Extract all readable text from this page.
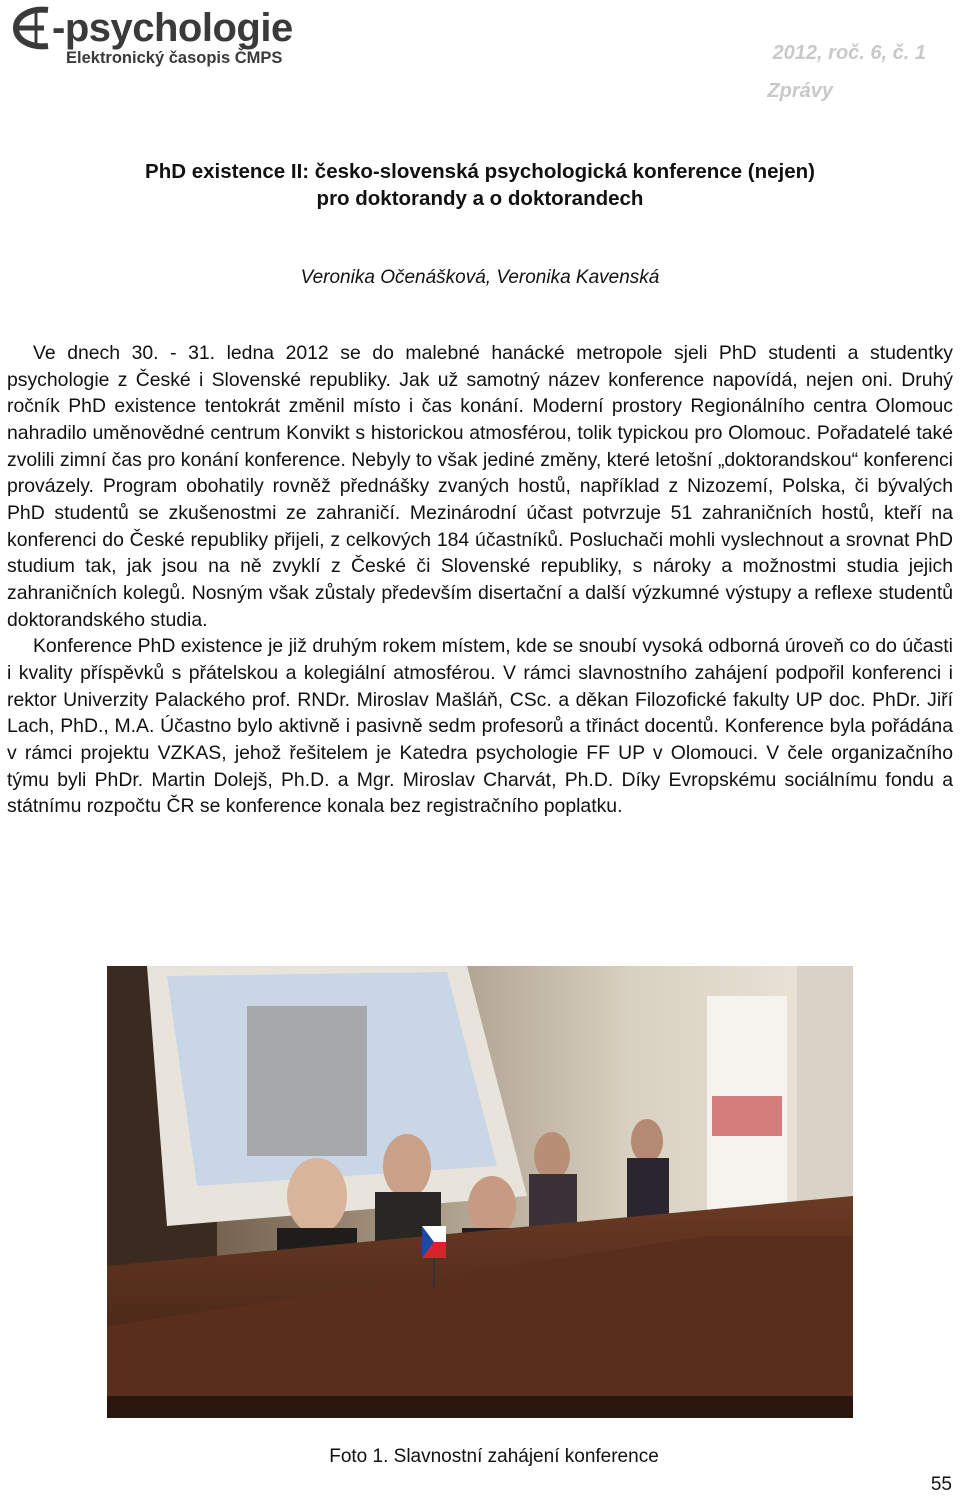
-psychologie
Elektronický časopis ČMPS	2012, roč. 6, č. 1
Zprávy
PhD existence II: česko-slovenská psychologická konference (nejen)
pro doktorandy a o doktorandech
Veronika Očenášková, Veronika Kavenská

Ve dnech 30. - 31. ledna 2012 se do malebné hanácké metropole sjeli PhD studenti a studentky psychologie z České i Slovenské republiky. Jak už samotný název konference napovídá, nejen oni. Druhý ročník PhD existence tentokrát změnil místo i čas konání. Moderní prostory Regionálního centra Olomouc nahradilo uměnovědné centrum Konvikt s historickou atmosférou, tolik typickou pro Olomouc. Pořadatelé také zvolili zimní čas pro konání konference. Nebyly to však jediné změny, které letošní „doktorandskou“ konferenci provázely. Program obohatily rovněž přednášky zvaných hostů, například z Nizozemí, Polska, či bývalých PhD studentů se zkušenostmi ze zahraničí. Mezinárodní účast potvrzuje 51 zahraničních hostů, kteří na konferenci do České republiky přijeli, z celkových 184 účastníků. Posluchači mohli vyslechnout a srovnat PhD studium tak, jak jsou na ně zvyklí z České či Slovenské republiky, s nároky a možnostmi studia jejich zahraničních kolegů. Nosným však zůstaly především disertační a další výzkumné výstupy a reflexe studentů doktorandského studia.

Konference PhD existence je již druhým rokem místem, kde se snoubí vysoká odborná úroveň co do účasti i kvality příspěvků s přátelskou a kolegiální atmosférou. V rámci slavnostního zahájení podpořil konferenci i rektor Univerzity Palackého prof. RNDr. Miroslav Mašláň, CSc. a děkan Filozofické fakulty UP doc. PhDr. Jiří Lach, PhD., M.A. Účastno bylo aktivně i pasivně sedm profesorů a třináct docentů. Konference byla pořádána v rámci projektu VZKAS, jehož řešitelem je Katedra psychologie FF UP v Olomouci. V čele organizačního týmu byli PhDr. Martin Dolejš, Ph.D. a Mgr. Miroslav Charvát, Ph.D. Díky Evropskému sociálnímu fondu a státnímu rozpočtu ČR se konference konala bez registračního poplatku.

Foto 1. Slavnostní zahájení konference
55
